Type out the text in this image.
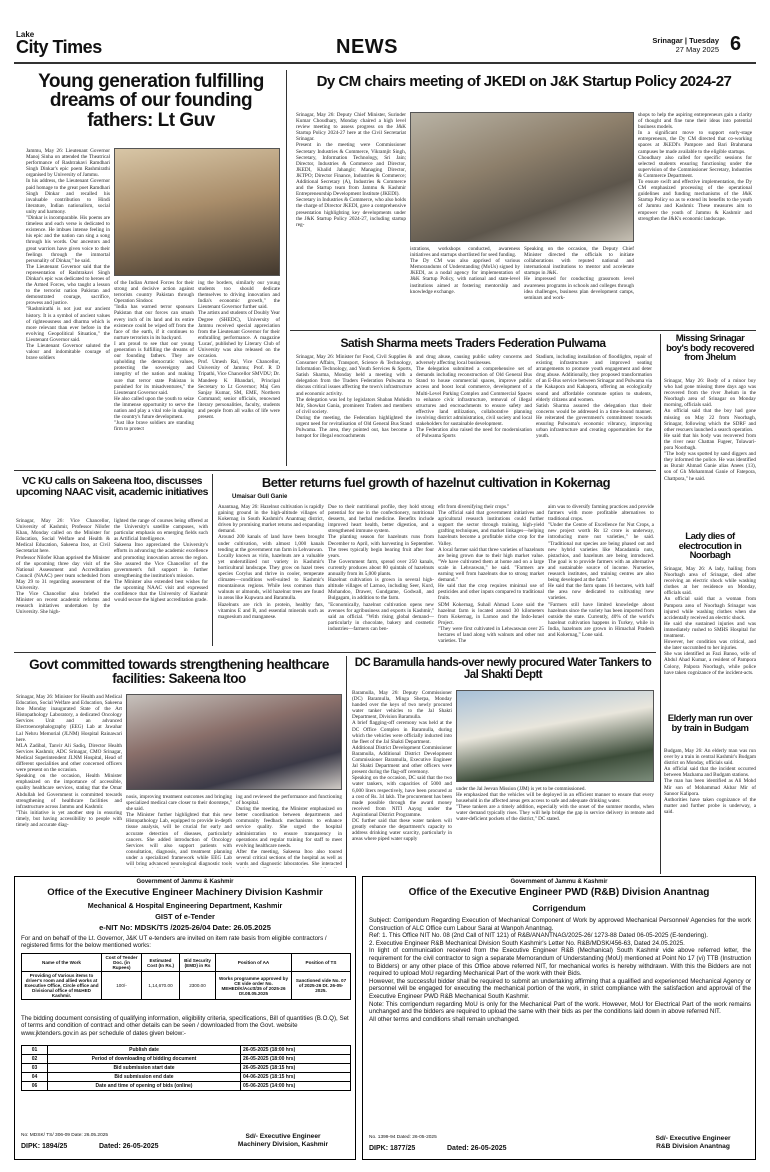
Lake
City Times	NEWS	Srinagar | Tuesday
27 May 2025 6
Young generation fulfilling dreams of our founding fathers: Lt Guv
Jammu, May 26: Lieutenant Governor Manoj Sinha on attended the Theatrical performance of Rashtrakavi Ramdhari Singh Dinkar's epic poem Rashmirathi organised by University of Jammu.
In his address, the Lieutenant Governor paid homage to the great poet Ramdhari Singh Dinkar and recalled his invaluable contribution to Hindi literature, Indian nationalism, social unity and harmony.
"Dinkar is incomparable. His poems are timeless and each verse is dedicated to existence. He imbues intense feeling in his epic and the nation can sing a song through his words. Our ancestors and great warriors have given voice to their feelings through the immortal personality of Dinkar," he said.
The Lieutenant Governor said that the representation of Rashtrakavi Singh Dinkar's epic was dedicated to heroes of the Armed Forces, who taught a lesson to the terrorist nation Pakistan and demonstrated courage, sacrifice, prowess and justice.
"Rashmirathi is not just our ancient history. It is a symbol of ancient values of righteousness and dharma which is more relevant than ever before in the evolving Geopolitical Situation," the Lieutenant Governor said.
The Lieutenant Governor saluted the valour and indomitable courage of brave soldiers
of the Indian Armed Forces for their strong and decisive action against terrorists country Pakistan through Operation Sindoor.
"India has warned terror sponsors Pakistan that our forces can smash every inch of its land and its entire existence could be wiped off from the face of the earth, if it continues to nurture terrorists in its backyard.
I am proud to see that our young generation is fulfilling the dreams of our founding fathers. They are upholding the democratic values, protecting the sovereignty and integrity of the nation and making sure that terror state Pakistan is punished for its misadventures," the Lieutenant Governor said.
He also called upon the youth to seize the immense opportunity to serve the nation and play a vital role in shaping the country's future development.
"Just like brave soldiers are standing firm to protect
ing the borders, similarly our young students too should dedicate themselves to driving innovation and India's economic growth," the Lieutenant Governor further said.
The artists and students of Doubly Year Degree (SHEDC), University of Jammu received special appreciation from the Lieutenant Governor for their enthralling performance. A magazine 'Lucas', published by Literary Club of University was also released on the occasion.
Prof. Umesh Rai, Vice Chancellor, University of Jammu; Prof. R D Tripathi, Vice Chancellor SMVDU; Dr. Mandeep K Bhandari, Principal Secretary to Lt Governor; Maj Gen Sanjay Kumar, SM, EME, Northern Command; senior officials, renowned literary personalities, faculty, students and people from all walks of life were present.
Dy CM chairs meeting of JKEDI on J&K Startup Policy 2024-27
Srinagar, May 26: Deputy Chief Minister, Surinder Kumar Choudhary, Monday chaired a high level review meeting to assess progress on the J&K Startup Policy 2024-27 here at the Civil Secretariat Srinagar.
Present in the meeting were Commissioner Secretary Industries & Commerce, Vikramjit Singh, Secretary, Information Technology, Sri Jain; Director, Industries & Commerce and Director, JKEDI, Khalid Jahangir; Managing Director, JKTPO; Director Finance, Industries & Commerce; Additional Secretary (A), Industries & Commerce and the Startup team from Jammu & Kashmir Entrepreneurship Development Institute (JKEDI).
Secretary in Industries & Commerce, who also holds the charge of Director JKEDI, gave a comprehensive presentation highlighting key developments under the J&K Startup Policy 2024-27, including startup reg-
istrations, workshops conducted, awareness initiatives and startups shortlisted for seed funding.
The Dy CM was also apprised of various Memorandums of Understanding (MoUs) signed by JKEDI, as a nodal agency for implementation of J&K Startup Policy, with national and state-level institutions aimed at fostering mentorship and knowledge exchange.
Speaking on the occasion, the Deputy Chief Minister directed the officials to initiate collaborations with reputed national and international institutions to mentor and accelerate startups in J&K.
He impressed for conducting grassroots level awareness programs in schools and colleges through idea challenges, business plan development camps, seminars and work-
shops to help the aspiring entrepreneurs gain a clarity of thought and fine tune their ideas into potential business models.
In a significant move to support early-stage entrepreneurs, the Dy CM directed that co-working spaces at JKEDI's Pampore and Bari Brahmana campuses be made available to the eligible startups.
Choudhary also called for specific sessions for selected students ensuring functioning under the supervision of the Commissioner Secretary, Industries & Commerce Department.
To ensure swift and effective implementation, the Dy CM emphasized processing of the operational guidelines and funding mechanisms of the J&K Startup Policy so as to extend its benefits to the youth of Jammu and Kashmir. These measures aim to empower the youth of Jammu & Kashmir and strengthen the J&K's economic landscape.
Satish Sharma meets Traders Federation Pulwama
Srinagar, May 26: Minister for Food, Civil Supplies & Consumer Affairs, Transport, Science & Technology, Information Technology, and Youth Services & Sports, Satish Sharma, Monday held a meeting with a delegation from the Traders Federation Pulwama to discuss critical issues affecting the town's infrastructure and economic activity.
The delegation was led by legislators Shaban Mohidin Mir, Showkat Gania, prominent Traders and members of civil society.
During the meeting, the Federation highlighted the urgent need for revitalisation of Old General Bus Stand Pulwama. The area, they pointed out, has become a hotspot for illegal encroachments
and drug abuse, causing public safety concerns and adversely affecting local businesses.
The delegation submitted a comprehensive set of demands including reconstruction of Old General Bus Stand to house commercial spaces, improve public access and boost local commerce, development of a Multi-Level Parking Complex and Commercial Spaces to enhance civic infrastructure, removal of illegal structures and encroachments to ensure safety and effective land utilization, collaborative planning involving district administration, civil society and local stakeholders for sustainable development.
The Federation also raised the need for modernisation of Pulwama Sports
Stadium, including installation of floodlights, repair of existing infrastructure and improved seating arrangements to promote youth engagement and deter drug abuse. Additionally, they proposed transformation of an E-Bus service between Srinagar and Pulwama via the Kakapora and Kakapora, offering an ecologically sound and affordable commute option to students, elderly citizens and women.
Satish Sharma assured the delegation that their concerns would be addressed in a time-bound manner. He reiterated the government's commitment towards ensuring Pulwama's economic vibrancy, improving urban infrastructure and creating opportunities for the youth.
Missing Srinagar boy's body recovered from Jhelum
Srinagar, May 26: Body of a minor boy who had gone missing three days ago was recovered from the river Jhelum in the Noorbagh area of Srinagar on Monday morning, officials said.
An official said that the boy had gone missing on May 22 from Noorbagh, Srinagar, following which the SDRF and other rescuers launched a search operation.
He said that his body was recovered from the river near Chattan Fugeer, Tolawari-pora Noorbagh.
"The body was spotted by sand diggers and they informed the police. He was identified as Burair Ahmad Ganie alias Anees (13), son of Gh Mohammad Ganie of Fatepora, Chattpora," he said.
Lady dies of electrocution in Noorbagh
Srinagar, May 26: A lady, hailing from Noorbagh area of Srinagar, died after receiving an electric shock while washing clothes at her residence on Monday, officials said.
An official said that a woman from Pampora area of Noorbagh Srinagar was injured while washing clothes when she accidentally received an electric shock.
He said she sustained injuries and was immediately rushed to SMHS Hospital for treatment.
However, her condition was critical, and she later succumbed to her injuries.
She was identified as Fazi Banoo, wife of Abdul Ahad Kumar, a resident of Pampora Colony, Palpora Noorbagh, while police have taken cognizance of the incident-acts.
Elderly man run over by train in Budgam
Budgam, May 26: An elderly man was run over by a train in central Kashmir's Budgam district on Monday, officials said.
An official said that the incident occurred between Mazhama and Budgam stations.
The man has been identified as Ali Mohd Mir son of Mohammad Akbar Mir of Sanoor Kalipora.
Authorities have taken cognizance of the matter and further probe is underway, a said.
VC KU calls on Sakeena Itoo, discusses upcoming NAAC visit, academic initiatives
Srinagar, May 26: Vice Chancellor, University of Kashmir, Professor Nilofer Khan, Monday called on the Minister for Education, Social Welfare and Health & Medical Education, Sakeena Itoo, at Civil Secretariat here.
Professor Nilofer Khan apprised the Minister of the upcoming three day visit of the National Assessment and Accreditation Council (NAAC) peer team scheduled from May 29 to 31 regarding assessment of the University.
The Vice Chancellor also briefed the Minister on recent academic reforms and research initiatives undertaken by the University. She high-
lighted the range of courses being offered at the University's satellite campuses, with particular emphasis on emerging fields such as Artificial Intelligence.
Sakeena Itoo appreciated the University's efforts in advancing the academic excellence and promoting innovation across the region. She assured the Vice Chancellor of the government's full support in further strengthening the institution's mission.
The Minister also extended best wishes for the upcoming NAAC visit and expressed confidence that the University of Kashmir would secure the highest accreditation grade.
Better returns fuel growth of hazelnut cultivation in Kokernag
Umaisar Gull Ganie
Anantnag, May 26: Hazelnut cultivation is rapidly gaining ground in the high-altitude villages of Kokernag in South Kashmir's Anantnag district, driven by promising market returns and expanding demand.
Around 200 kanals of land have been brought under cultivation, with almost 1,000 kanals tending at the government run farm in Lehvaswan.
Locally known as virin, hazelnuts are a valuable yet underutilized nut variety in Kashmir's horticultural landscape. They grow on hazel trees species Corylus and thrive in cooler, temperate climates—conditions well-suited to Kashmir's mountainous regions. While less common than walnuts or almonds, wild hazelnut trees are found in areas like Kupwara and Baramulla.
Hazelnuts are rich in protein, healthy fats, vitamins E and B, and essential minerals such as magnesium and manganese.
Due to their nutritional profile, they hold strong potential for use in the confectionery, nutritional desserts, and herbal medicine. Benefits include improved heart health, better digestion, and a strengthened immune system.
The planting season for hazelnuts runs from December to April, with harvesting in September. The trees typically begin bearing fruit after four years.
The Government farm, spread over 250 kanals, currently produces about 80 quintals of hazelnuts annually from its 5,000 plants.
Hazelnut cultivation is grown in several high-altitude villages of Larnoo, including Seer, Kurd, Mohandoo, Drawer, Gundgame, Godwall, and Bulgagam, in addition to the farm.
"Economically, hazelnut cultivation opens new avenues for agribusiness and exports in Kashmir," said an official. "With rising global demand—particularly in chocolate, bakery and cosmetic industries—farmers can ben-
efit from diversifying their crops."
The official said that government initiatives and agricultural research institutions could further support the sector through training, high-yield grafting techniques, and market linkages—helping hazelnuts become a profitable niche crop for the Valley.
A local farmer said that three varieties of hazelnuts are being grown due to their high market value. "We have cultivated them at home and on a large scale in Lehvaswan," he said. "Farmers are earning well from hazelnuts due to strong market demand."
He said that the crop requires minimal use of pesticides and other inputs compared to traditional fruits.
SDM Kokernag, Suhail Ahmad Lone said the hazelnut farm is located around 30 kilometers from Kokernag, in Larnoo and the Indo-Israel Project.
"They were first cultivated in Lehwaswan over 25 hectares of land along with walnuts and other nut varieties. The
aim was to diversify farming practices and provide farmers with more profitable alternatives to traditional crops.
"Under the Centre of Excellence for Nut Crops, a new project worth Rs 12 crore is underway, introducing more nut varieties," he said. "Traditional nut species are being phased out and new hybrid varieties like Macadamia nuts, pistachios, and hazelnuts are being introduced. The goal is to provide farmers with an alternative and sustainable source of income. Nurseries, research institutes, and training centres are also being developed at the farm."
He said that the farm spans 16 hectares, with half the area now dedicated to cultivating new varieties.
"Farmers still have limited knowledge about hazelnuts since the variety has been imported from outside the state. Currently, 40% of the world's hazelnut cultivation happens in Turkey, while in India, hazelnuts are grown in Himachal Pradesh and Kokernag," Lone said.
Govt committed towards strengthening healthcare facilities: Sakeena Itoo
Srinagar, May 26: Minister for Health and Medical Education, Social Welfare and Education, Sakeena Itoo Monday inaugurated State of the Art Histopathology Laboratory, a dedicated Oncology Services Unit and an advanced Electroencephalography (EEG) Lab at Jawahar Lal Nehru Memorial (JLNM) Hospital Rainawari here.
MLA Zadibal, Tanvir Ali Sadiq, Director Health Services Kashmir, ADC Srinagar, CMO Srinagar, Medical Superintendent JLNM Hospital, Head of different specialities and other concerned officers were present on the occasion.
Speaking on the occasion, Health Minister emphasized on the importance of accessible, quality healthcare services, stating that the Omar Abdullah led Government is committed towards strengthening of healthcare facilities and infrastructure across Jammu and Kashmir.
"This initiative is yet another step in ensuring timely, but having accessibility to people with timely and accurate diag-
nosis, improving treatment outcomes and bringing specialized medical care closer to their doorsteps," she said.
The Minister further highlighted that this new Histopathology Lab, equipped to provide in-depth tissue analysis, will be crucial for early and accurate detection of diseases, particularly cancers. She added introduction of Oncology Services will also support patients with consultation, diagnosis, and treatment planning under a specialized framework while EEG Lab will bring advanced neurological diagnostic tools

ing and reviewed the performance and functioning of hospital.
During the meeting, the Minister emphasized on better coordination between departments and community feedback mechanisms to enhance service quality. She urged the hospital administration to ensure transparency in operations and regular training for staff to meet evolving healthcare needs.
After the meeting, Sakeena Itoo also toured several critical sections of the hospital as well as wards and diagnostic laboratories. She interacted

DC Baramulla hands-over newly procured Water Tankers to Jal Shakti Deptt
Baramulla, May 26: Deputy Commissioner (DC) Baramulla, Minga Sherpa, Monday handed over the keys of two newly procured water tanker vehicles to the Jal Shakti Department, Division Baramulla.
A brief flagging-off ceremony was held at the DC Office Complex in Baramulla, during which the vehicles were officially inducted into the fleet of the Jal Shakti Department.
Additional District Development Commissioner Baramulla, Additional District Development Commissioner Baramulla, Executive Engineer Jal Shakti Department and other officers were present during the flag-off ceremony.
Speaking on the occasion, DC said that the two water tankers, with capacities of 5000 and 6,000 liters respectively, have been procured at a cost of Rs. 34 lakh. The procurement has been made possible through the award money received from NITI Aayog under the Aspirational District Programme.
DC further said that these water tankers will greatly enhance the department's capacity to address drinking water scarcity, particularly in areas where piped water supply
under the Jal Jeevan Mission (JJM) is yet to be commissioned.
He emphasized that the vehicles will be deployed in an efficient manner to ensure that every household in the affected areas gets access to safe and adequate drinking water.
"These tankers are a timely addition, especially with the onset of the summer months, when water demand typically rises. They will help bridge the gap in service delivery in remote and water-deficient pockets of the district," DC stated.
Government of Jammu & Kashmir
Office of the Executive Engineer Machinery Division Kashmir
Mechanical & Hospital Engineering Department, Kashmir
GIST of e-Tender
e-NIT No: MDSK/TS /2025-26/04 Date: 26.05.2025
For and on behalf of the Lt. Governor, J&K UT e-tenders are invited on item rate basis from eligible contractors / registered firms for the below mentioned works:
Name of the Work	Cost of Tender Doc. (in Rupees)	Estimated Cost (In Rs.)	Bid Security (EMD) in Rs	Position of AA	Position of TS
Providing of Various items to driver's room and allied works at Executive Office, Circle office and Divisional office of M&HED Kashmir.	100/-	1,14,670.00	2300.00	Works programme approved by CE vide order No. MEHED/K/Acctt/35 of 2025-26 Dt.08.05.2025	Sanctioned vide No. 07 of 2025-26 Dt. 26-05-2025.
The bidding document consisting of qualifying information, eligibility criteria, specifications, Bill of quantities (B.O.Q), Set of terms and condition of contract and other details can be seen / downloaded from the Govt. website www.jktenders.gov.in as per schedule of dates given below:-
01	Publish date	26-05-2025 (18:00 hrs)
02	Period of downloading of bidding document	26-05-2025 (18:00 hrs)
03	Bid submission start date	26-05-2025 (18:15 hrs)
04	Bid submission end date	04-06-2025 (18:15 hrs)
06	Date and time of opening of bids (online)	05-06-2025 (14:00 hrs)
No: MDSK/ TS/ 306-09 Date: 26.05.2025
DIPK: 1894/25	Dated: 26-05-2025
Sd/- Executive Engineer
Machinery Division, Kashmir
Government of Jammu & Kashmir
Office of the Executive Engineer PWD (R&B) Division Anantnag
Corrigendum
Subject: Corrigendum Regarding Execution of Mechanical Component of Work by approved Mechanical Personnel/ Agencies for the work Construction of ALC Office cum Labour Sarai at Wanpoh Anantnag.
Ref: 1. This Office NIT No. 08 (2nd Call of NIT 121) of R&B/ANANTNAG/2025-26/ 1273-88 Dated 06-05-2025 (E-tendering).
2. Executive Engineer R&B Mechanical Division South Kashmir's Letter No. R&B/MDSK/456-63, Dated 24.05.2025.
In light of communication received from the Executive Engineer R&B (Mechanical) South Kashmir vide above referred letter, the requirement for the civil contractor to sign a separate Memorandum of Understanding (MoU) mentioned at Point No 17 (vi) TTB (Instruction to Bidders) or any other place of this Office above referred NIT, for mechanical works is hereby withdrawn. With this the Bidders are not required to upload MoU regarding Mechanical Part of the work with their Bids.
However, the successful bidder shall be required to submit an undertaking affirming that a qualified and experienced Mechanical Agency or personnel will be engaged for executing the mechanical portion of the work, in strict compliance with the satisfaction and approval of the Executive Engineer PWD R&B Mechanical South Kashmir.
Note: This corrigendum regarding MoU is only for the Mechanical Part of the work. However, MoU for Electrical Part of the work remains unchanged and the bidders are required to upload the same with their bids as per the conditions laid down in above referred NIT.
All other terms and conditions shall remain unchanged.
No. 1399-94 Dated: 26-05-2025
DIPK: 1877/25	Dated: 26-05-2025
Sd/- Executive Engineer
R&B Division Anantnag
